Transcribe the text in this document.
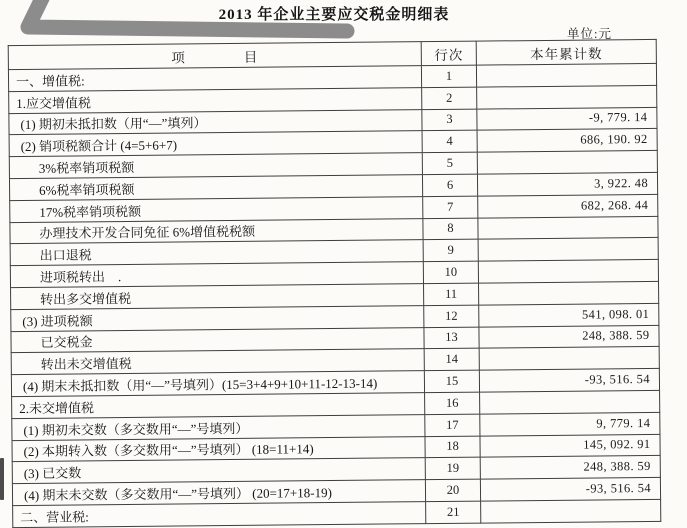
2013 年企业主要应交税金明细表
单位:元
项　　　　目	行次	本年累计数
一、增值税:	1	
1.应交增值税	2	
(1) 期初未抵扣数（用“—”填列）	3	-9, 779. 14
(2) 销项税额合计 (4=5+6+7)	4	686, 190. 92
3%税率销项税额	5	
6%税率销项税额	6	3, 922. 48
17%税率销项税额	7	682, 268. 44
办理技术开发合同免征 6%增值税税额	8	
出口退税	9	
进项税转出　.	10	
转出多交增值税	11	
(3) 进项税额	12	541, 098. 01
已交税金	13	248, 388. 59
转出未交增值税	14	
(4) 期末未抵扣数（用“—”号填列）(15=3+4+9+10+11-12-13-14)	15	-93, 516. 54
2.未交增值税	16	
(1) 期初未交数（多交数用“—”号填列）	17	9, 779. 14
(2) 本期转入数（多交数用“—”号填列） (18=11+14)	18	145, 092. 91
(3) 已交数	19	248, 388. 59
(4) 期末未交数（多交数用“—”号填列） (20=17+18-19)	20	-93, 516. 54
二、营业税:	21	
